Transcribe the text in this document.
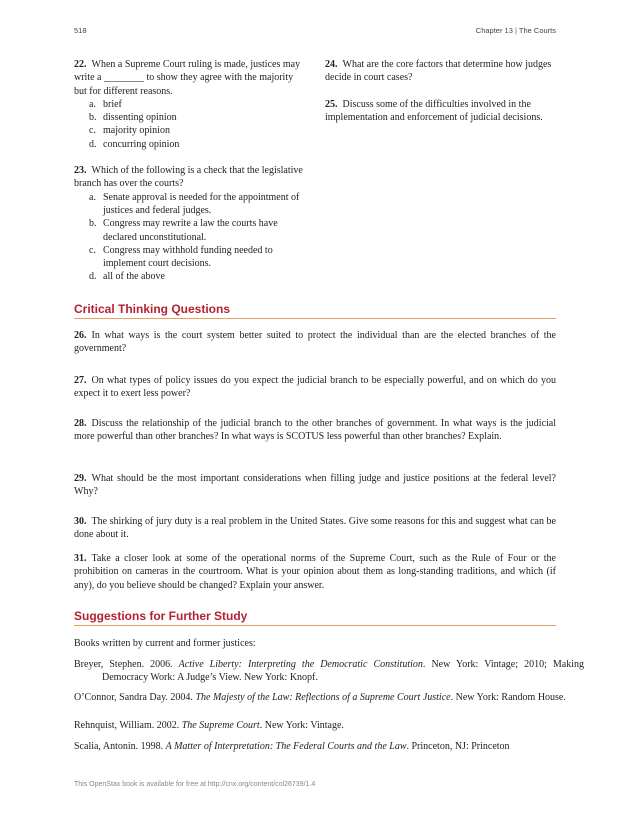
518	Chapter 13 | The Courts
22. When a Supreme Court ruling is made, justices may write a ________ to show they agree with the majority but for different reasons.
a. brief
b. dissenting opinion
c. majority opinion
d. concurring opinion
23. Which of the following is a check that the legislative branch has over the courts?
a. Senate approval is needed for the appointment of justices and federal judges.
b. Congress may rewrite a law the courts have declared unconstitutional.
c. Congress may withhold funding needed to implement court decisions.
d. all of the above
24. What are the core factors that determine how judges decide in court cases?
25. Discuss some of the difficulties involved in the implementation and enforcement of judicial decisions.
Critical Thinking Questions

26. In what ways is the court system better suited to protect the individual than are the elected branches of the government?

27. On what types of policy issues do you expect the judicial branch to be especially powerful, and on which do you expect it to exert less power?

28. Discuss the relationship of the judicial branch to the other branches of government. In what ways is the judicial more powerful than other branches? In what ways is SCOTUS less powerful than other branches? Explain.

29. What should be the most important considerations when filling judge and justice positions at the federal level? Why?

30. The shirking of jury duty is a real problem in the United States. Give some reasons for this and suggest what can be done about it.

31. Take a closer look at some of the operational norms of the Supreme Court, such as the Rule of Four or the prohibition on cameras in the courtroom. What is your opinion about them as long-standing traditions, and which (if any), do you believe should be changed? Explain your answer.

Suggestions for Further Study

Books written by current and former justices:

Breyer, Stephen. 2006. Active Liberty: Interpreting the Democratic Constitution. New York: Vintage; 2010; Making Democracy Work: A Judge’s View. New York: Knopf.

O’Connor, Sandra Day. 2004. The Majesty of the Law: Reflections of a Supreme Court Justice. New York: Random House.

Rehnquist, William. 2002. The Supreme Court. New York: Vintage.

Scalia, Antonin. 1998. A Matter of Interpretation: The Federal Courts and the Law. Princeton, NJ: Princeton

This OpenStax book is available for free at http://cnx.org/content/col26739/1.4
